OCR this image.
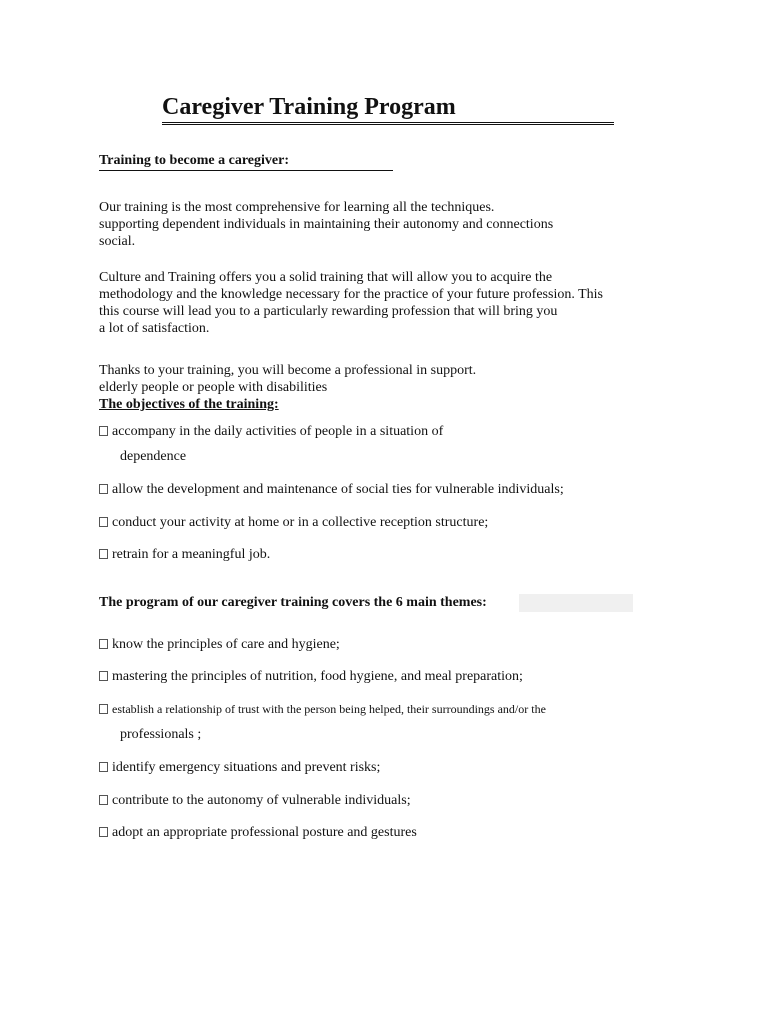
Caregiver Training Program
Training to become a caregiver:
Our training is the most comprehensive for learning all the techniques.
supporting dependent individuals in maintaining their autonomy and connections
social.
Culture and Training offers you a solid training that will allow you to acquire the
methodology and the knowledge necessary for the practice of your future profession. This
this course will lead you to a particularly rewarding profession that will bring you
a lot of satisfaction.
Thanks to your training, you will become a professional in support.
elderly people or people with disabilities
The objectives of the training:
accompany in the daily activities of people in a situation of
dependence
allow the development and maintenance of social ties for vulnerable individuals;
conduct your activity at home or in a collective reception structure;
retrain for a meaningful job.
The program of our caregiver training covers the 6 main themes:
know the principles of care and hygiene;
mastering the principles of nutrition, food hygiene, and meal preparation;
establish a relationship of trust with the person being helped, their surroundings and/or the
professionals ;
identify emergency situations and prevent risks;
contribute to the autonomy of vulnerable individuals;
adopt an appropriate professional posture and gestures
